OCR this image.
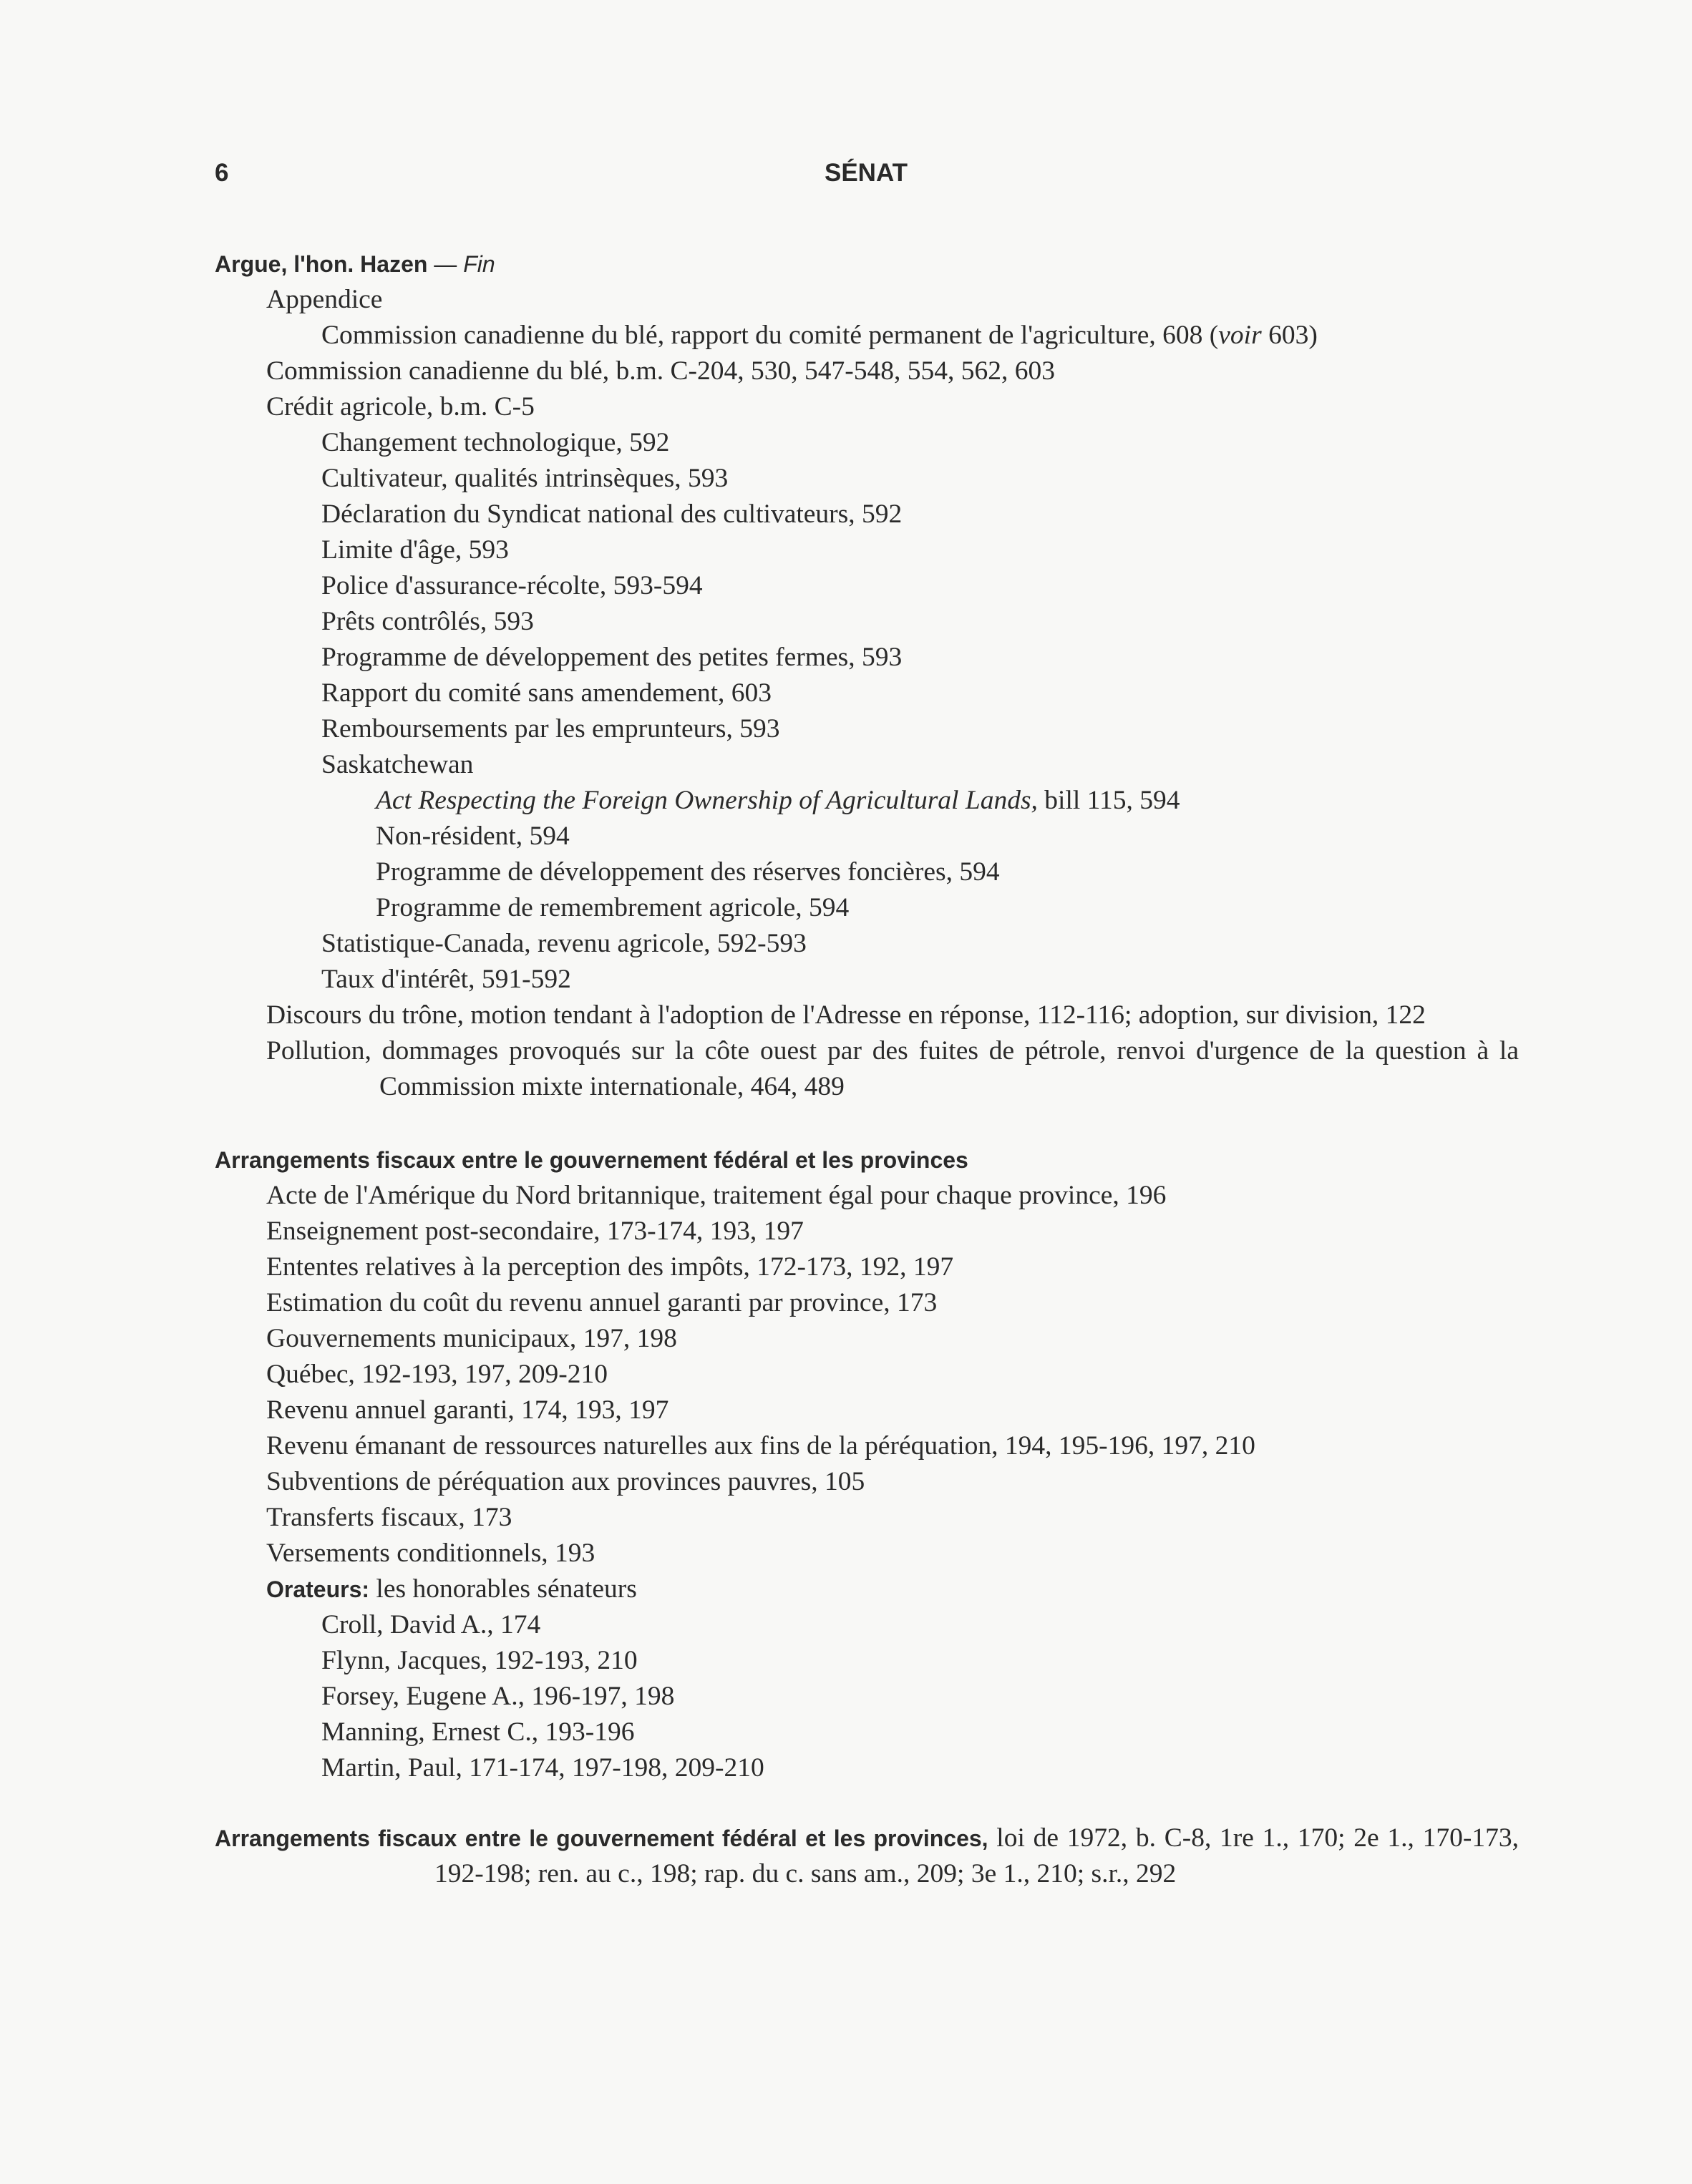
6	SÉNAT
Argue, l'hon. Hazen — Fin
Appendice
Commission canadienne du blé, rapport du comité permanent de l'agriculture, 608 (voir 603)
Commission canadienne du blé, b.m. C-204, 530, 547-548, 554, 562, 603
Crédit agricole, b.m. C-5
Changement technologique, 592
Cultivateur, qualités intrinsèques, 593
Déclaration du Syndicat national des cultivateurs, 592
Limite d'âge, 593
Police d'assurance-récolte, 593-594
Prêts contrôlés, 593
Programme de développement des petites fermes, 593
Rapport du comité sans amendement, 603
Remboursements par les emprunteurs, 593
Saskatchewan
Act Respecting the Foreign Ownership of Agricultural Lands, bill 115, 594
Non-résident, 594
Programme de développement des réserves foncières, 594
Programme de remembrement agricole, 594
Statistique-Canada, revenu agricole, 592-593
Taux d'intérêt, 591-592
Discours du trône, motion tendant à l'adoption de l'Adresse en réponse, 112-116; adoption, sur division, 122
Pollution, dommages provoqués sur la côte ouest par des fuites de pétrole, renvoi d'urgence de la question à la Commission mixte internationale, 464, 489
Arrangements fiscaux entre le gouvernement fédéral et les provinces
Acte de l'Amérique du Nord britannique, traitement égal pour chaque province, 196
Enseignement post-secondaire, 173-174, 193, 197
Ententes relatives à la perception des impôts, 172-173, 192, 197
Estimation du coût du revenu annuel garanti par province, 173
Gouvernements municipaux, 197, 198
Québec, 192-193, 197, 209-210
Revenu annuel garanti, 174, 193, 197
Revenu émanant de ressources naturelles aux fins de la péréquation, 194, 195-196, 197, 210
Subventions de péréquation aux provinces pauvres, 105
Transferts fiscaux, 173
Versements conditionnels, 193
Orateurs: les honorables sénateurs
Croll, David A., 174
Flynn, Jacques, 192-193, 210
Forsey, Eugene A., 196-197, 198
Manning, Ernest C., 193-196
Martin, Paul, 171-174, 197-198, 209-210
Arrangements fiscaux entre le gouvernement fédéral et les provinces, loi de 1972, b. C-8, 1re 1., 170; 2e 1., 170-173, 192-198; ren. au c., 198; rap. du c. sans am., 209; 3e 1., 210; s.r., 292
